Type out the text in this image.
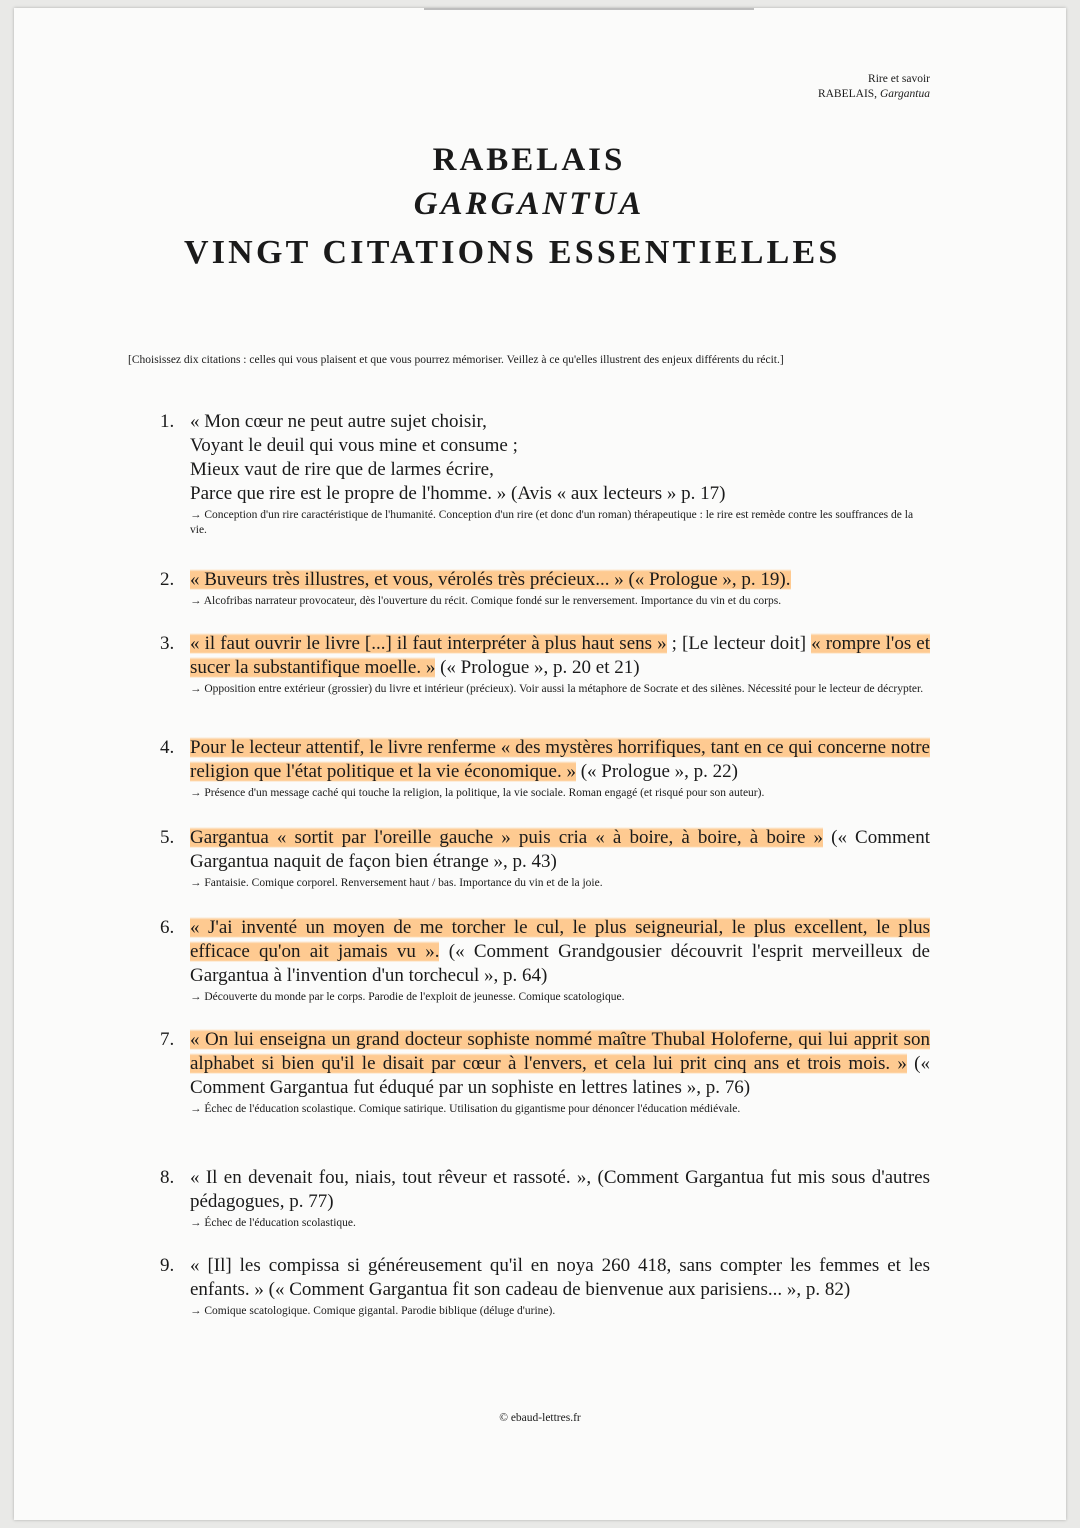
Rire et savoir
RABELAIS, Gargantua
RABELAIS
GARGANTUA
VINGT CITATIONS ESSENTIELLES
[Choisissez dix citations : celles qui vous plaisent et que vous pourrez mémoriser. Veillez à ce qu'elles illustrent des enjeux différents du récit.]
1. « Mon cœur ne peut autre sujet choisir,
Voyant le deuil qui vous mine et consume ;
Mieux vaut de rire que de larmes écrire,
Parce que rire est le propre de l'homme. » (Avis « aux lecteurs » p. 17)
→ Conception d'un rire caractéristique de l'humanité. Conception d'un rire (et donc d'un roman) thérapeutique : le rire est remède contre les souffrances de la vie.
2. « Buveurs très illustres, et vous, vérolés très précieux... » (« Prologue », p. 19).
→ Alcofribas narrateur provocateur, dès l'ouverture du récit. Comique fondé sur le renversement. Importance du vin et du corps.
3. « il faut ouvrir le livre [...] il faut interpréter à plus haut sens » ; [Le lecteur doit] « rompre l'os et sucer la substantifique moelle. » (« Prologue », p. 20 et 21)
→ Opposition entre extérieur (grossier) du livre et intérieur (précieux). Voir aussi la métaphore de Socrate et des silènes. Nécessité pour le lecteur de décrypter.
4. Pour le lecteur attentif, le livre renferme « des mystères horrifiques, tant en ce qui concerne notre religion que l'état politique et la vie économique. » (« Prologue », p. 22)
→ Présence d'un message caché qui touche la religion, la politique, la vie sociale. Roman engagé (et risqué pour son auteur).
5. Gargantua « sortit par l'oreille gauche » puis cria « à boire, à boire, à boire » (« Comment Gargantua naquit de façon bien étrange », p. 43)
→ Fantaisie. Comique corporel. Renversement haut / bas. Importance du vin et de la joie.
6. « J'ai inventé un moyen de me torcher le cul, le plus seigneurial, le plus excellent, le plus efficace qu'on ait jamais vu ». (« Comment Grandgousier découvrit l'esprit merveilleux de Gargantua à l'invention d'un torchecul », p. 64)
→ Découverte du monde par le corps. Parodie de l'exploit de jeunesse. Comique scatologique.
7. « On lui enseigna un grand docteur sophiste nommé maître Thubal Holoferne, qui lui apprit son alphabet si bien qu'il le disait par cœur à l'envers, et cela lui prit cinq ans et trois mois. » (« Comment Gargantua fut éduqué par un sophiste en lettres latines », p. 76)
→ Échec de l'éducation scolastique. Comique satirique. Utilisation du gigantisme pour dénoncer l'éducation médiévale.
8. « Il en devenait fou, niais, tout rêveur et rassoté. », (Comment Gargantua fut mis sous d'autres pédagogues, p. 77)
→ Échec de l'éducation scolastique.
9. « [Il] les compissa si généreusement qu'il en noya 260 418, sans compter les femmes et les enfants. » (« Comment Gargantua fit son cadeau de bienvenue aux parisiens... », p. 82)
→ Comique scatologique. Comique gigantal. Parodie biblique (déluge d'urine).
© ebaud-lettres.fr
